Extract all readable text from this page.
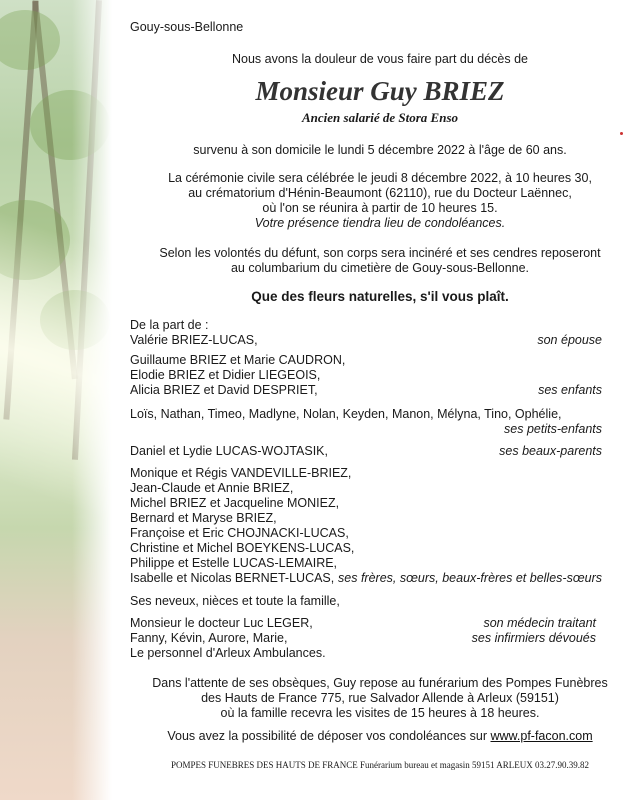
Gouy-sous-Bellonne
Nous avons la douleur de vous faire part du décès de
Monsieur Guy BRIEZ
Ancien salarié de Stora Enso
survenu à son domicile le lundi 5 décembre 2022 à l'âge de 60 ans.
La cérémonie civile sera célébrée le jeudi 8 décembre 2022, à 10 heures 30,
au crématorium d'Hénin-Beaumont (62110), rue du Docteur Laënnec,
où l'on se réunira à partir de 10 heures 15.
Votre présence tiendra lieu de condoléances.
Selon les volontés du défunt, son corps sera incinéré et ses cendres reposeront
au columbarium du cimetière de Gouy-sous-Bellonne.
Que des fleurs naturelles, s'il vous plaît.
De la part de :
Valérie BRIEZ-LUCAS,	son épouse
Guillaume BRIEZ et Marie CAUDRON,
Elodie BRIEZ et Didier LIEGEOIS,
Alicia BRIEZ et David DESPRIET,	ses enfants
Loïs, Nathan, Timeo, Madlyne, Nolan, Keyden, Manon, Mélyna, Tino, Ophélie,
ses petits-enfants
Daniel et Lydie LUCAS-WOJTASIK,	ses beaux-parents
Monique et Régis VANDEVILLE-BRIEZ,
Jean-Claude et Annie BRIEZ,
Michel BRIEZ et Jacqueline MONIEZ,
Bernard et Maryse BRIEZ,
Françoise et Eric CHOJNACKI-LUCAS,
Christine et Michel BOEYKENS-LUCAS,
Philippe et Estelle LUCAS-LEMAIRE,
Isabelle et Nicolas BERNET-LUCAS, ses frères, sœurs, beaux-frères et belles-sœurs
Ses neveux, nièces et toute la famille,
Monsieur le docteur Luc LEGER,	son médecin traitant
Fanny, Kévin, Aurore, Marie,	ses infirmiers dévoués
Le personnel d'Arleux Ambulances.
Dans l'attente de ses obsèques, Guy repose au funérarium des Pompes Funèbres
des Hauts de France 775, rue Salvador Allende à Arleux (59151)
où la famille recevra les visites de 15 heures à 18 heures.
Vous avez la possibilité de déposer vos condoléances sur www.pf-facon.com
POMPES FUNEBRES DES HAUTS DE FRANCE Funérarium bureau et magasin 59151 ARLEUX 03.27.90.39.82
